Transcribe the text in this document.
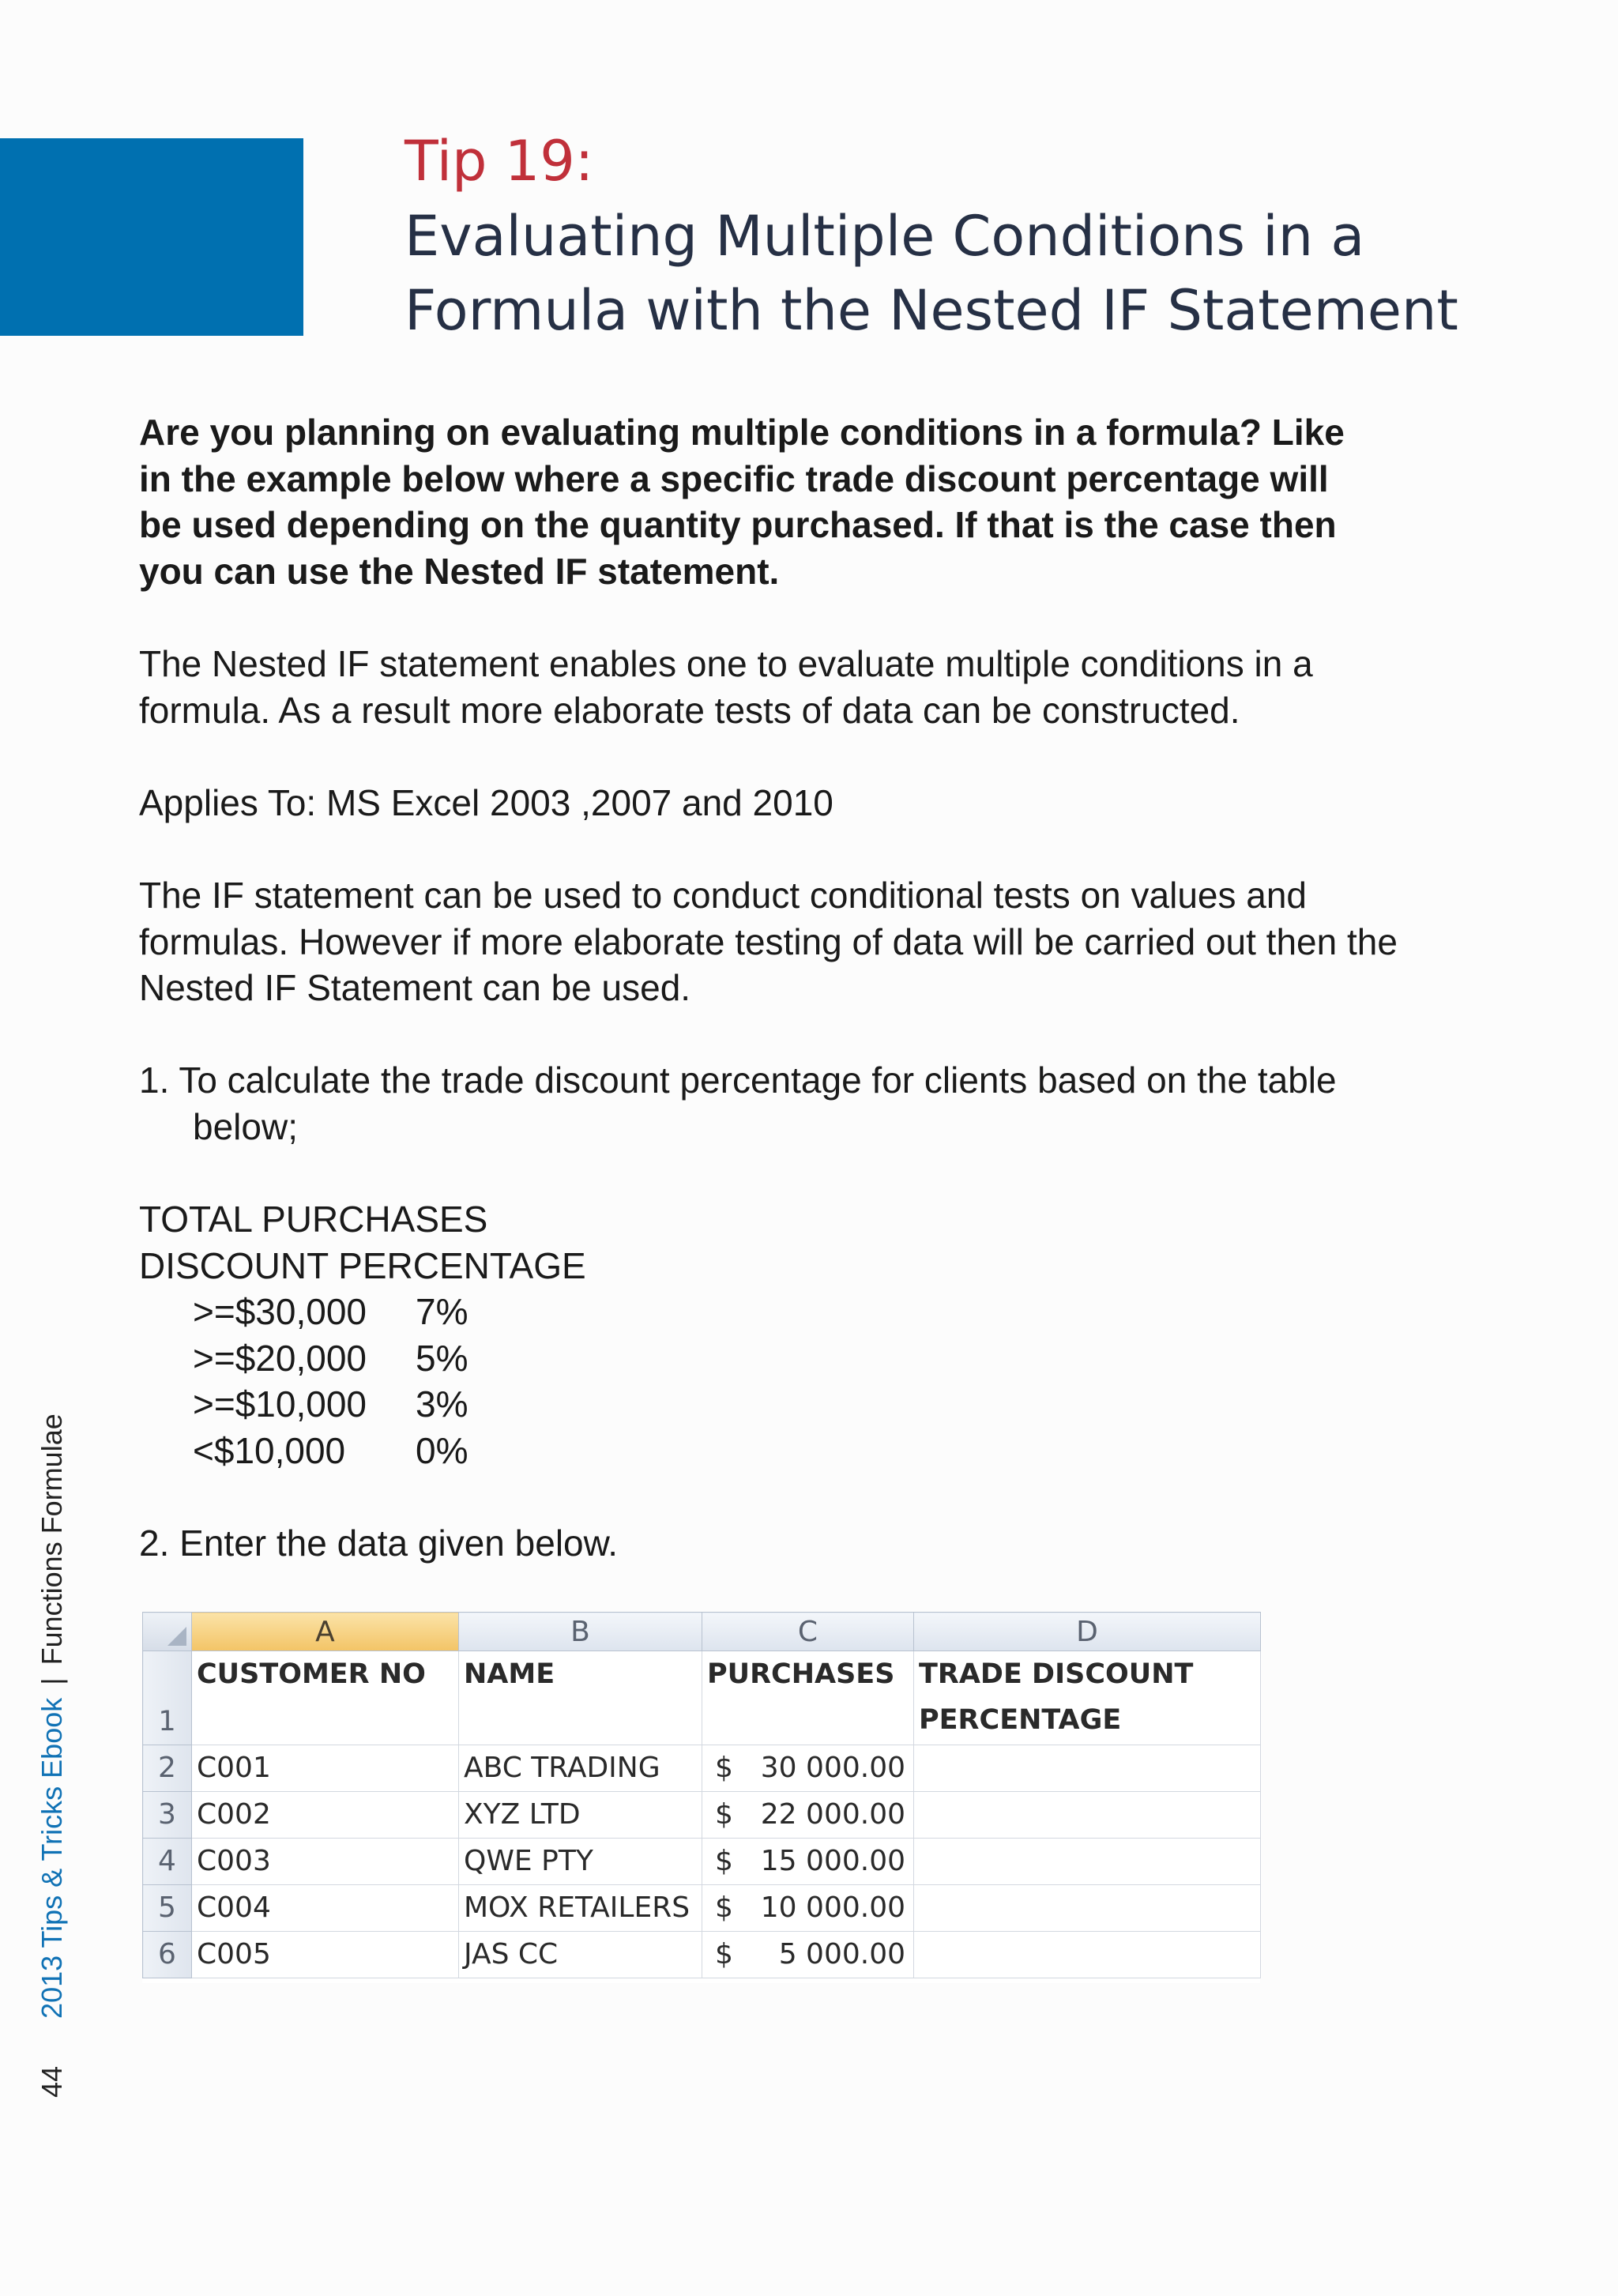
Tip 19:
Evaluating Multiple Conditions in a
Formula with the Nested IF Statement

Are you planning on evaluating multiple conditions in a formula? Like
in the example below where a specific trade discount percentage will
be used depending on the quantity purchased. If that is the case then
you can use the Nested IF statement.

The Nested IF statement enables one to evaluate multiple conditions in a
formula. As a result more elaborate tests of data can be constructed.

Applies To: MS Excel 2003 ,2007 and 2010

The IF statement can be used to conduct conditional tests on values and
formulas. However if more elaborate testing of data will be carried out then the
Nested IF Statement can be used.

1. To calculate the trade discount percentage for clients based on the table
below;

TOTAL PURCHASES
DISCOUNT PERCENTAGE
>=$30,000 7%
>=$20,000 5%
>=$10,000 3%
<$10,000 0%

2. Enter the data given below.

	A	B	C	D
1	CUSTOMER NO	NAME	PURCHASES	TRADE DISCOUNT
PERCENTAGE
2	C001	ABC TRADING	$ 30 000.00	

3	C002	XYZ LTD	$ 22 000.00	

4	C003	QWE PTY	$ 15 000.00	

5	C004	MOX RETAILERS	$ 10 000.00	

6	C005	JAS CC	$ 5 000.00	

442013 Tips & Tricks Ebook|Functions Formulae
